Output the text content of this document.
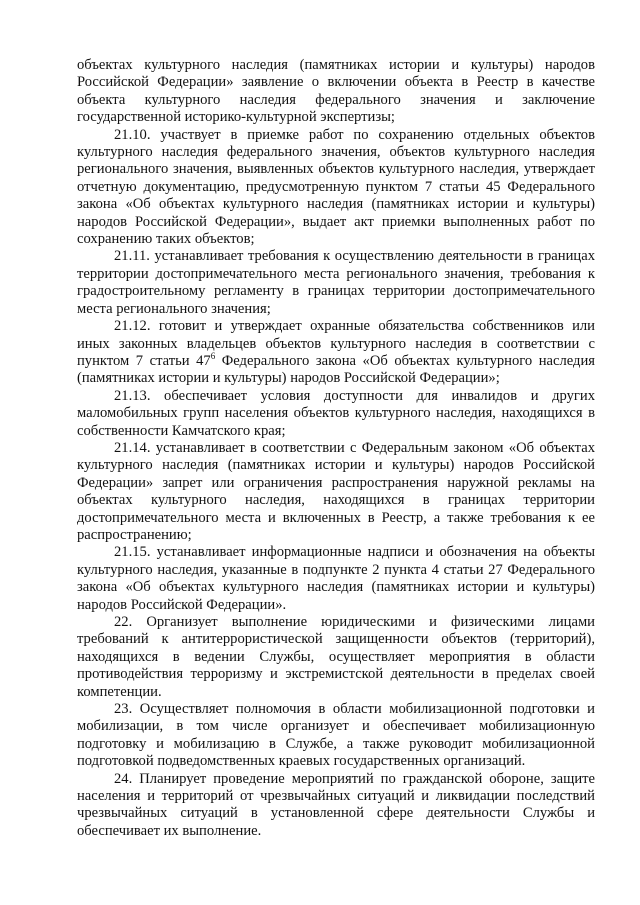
объектах культурного наследия (памятниках истории и культуры) народов Российской Федерации» заявление о включении объекта в Реестр в качестве объекта культурного наследия федерального значения и заключение государственной историко-культурной экспертизы;

21.10. участвует в приемке работ по сохранению отдельных объектов культурного наследия федерального значения, объектов культурного наследия регионального значения, выявленных объектов культурного наследия, утверждает отчетную документацию, предусмотренную пунктом 7 статьи 45 Федерального закона «Об объектах культурного наследия (памятниках истории и культуры) народов Российской Федерации», выдает акт приемки выполненных работ по сохранению таких объектов;

21.11. устанавливает требования к осуществлению деятельности в границах территории достопримечательного места регионального значения, требования к градостроительному регламенту в границах территории достопримечательного места регионального значения;

21.12. готовит и утверждает охранные обязательства собственников или иных законных владельцев объектов культурного наследия в соответствии с пунктом 7 статьи $47^6$ Федерального закона «Об объектах культурного наследия (памятниках истории и культуры) народов Российской Федерации»;

21.13. обеспечивает условия доступности для инвалидов и других маломобильных групп населения объектов культурного наследия, находящихся в собственности Камчатского края;

21.14. устанавливает в соответствии с Федеральным законом «Об объектах культурного наследия (памятниках истории и культуры) народов Российской Федерации» запрет или ограничения распространения наружной рекламы на объектах культурного наследия, находящихся в границах территории достопримечательного места и включенных в Реестр, а также требования к ее распространению;

21.15. устанавливает информационные надписи и обозначения на объекты культурного наследия, указанные в подпункте 2 пункта 4 статьи 27 Федерального закона «Об объектах культурного наследия (памятниках истории и культуры) народов Российской Федерации».

22. Организует выполнение юридическими и физическими лицами требований к антитеррористической защищенности объектов (территорий), находящихся в ведении Службы, осуществляет мероприятия в области противодействия терроризму и экстремистской деятельности в пределах своей компетенции.

23. Осуществляет полномочия в области мобилизационной подготовки и мобилизации, в том числе организует и обеспечивает мобилизационную подготовку и мобилизацию в Службе, а также руководит мобилизационной подготовкой подведомственных краевых государственных организаций.

24. Планирует проведение мероприятий по гражданской обороне, защите населения и территорий от чрезвычайных ситуаций и ликвидации последствий чрезвычайных ситуаций в установленной сфере деятельности Службы и обеспечивает их выполнение.
